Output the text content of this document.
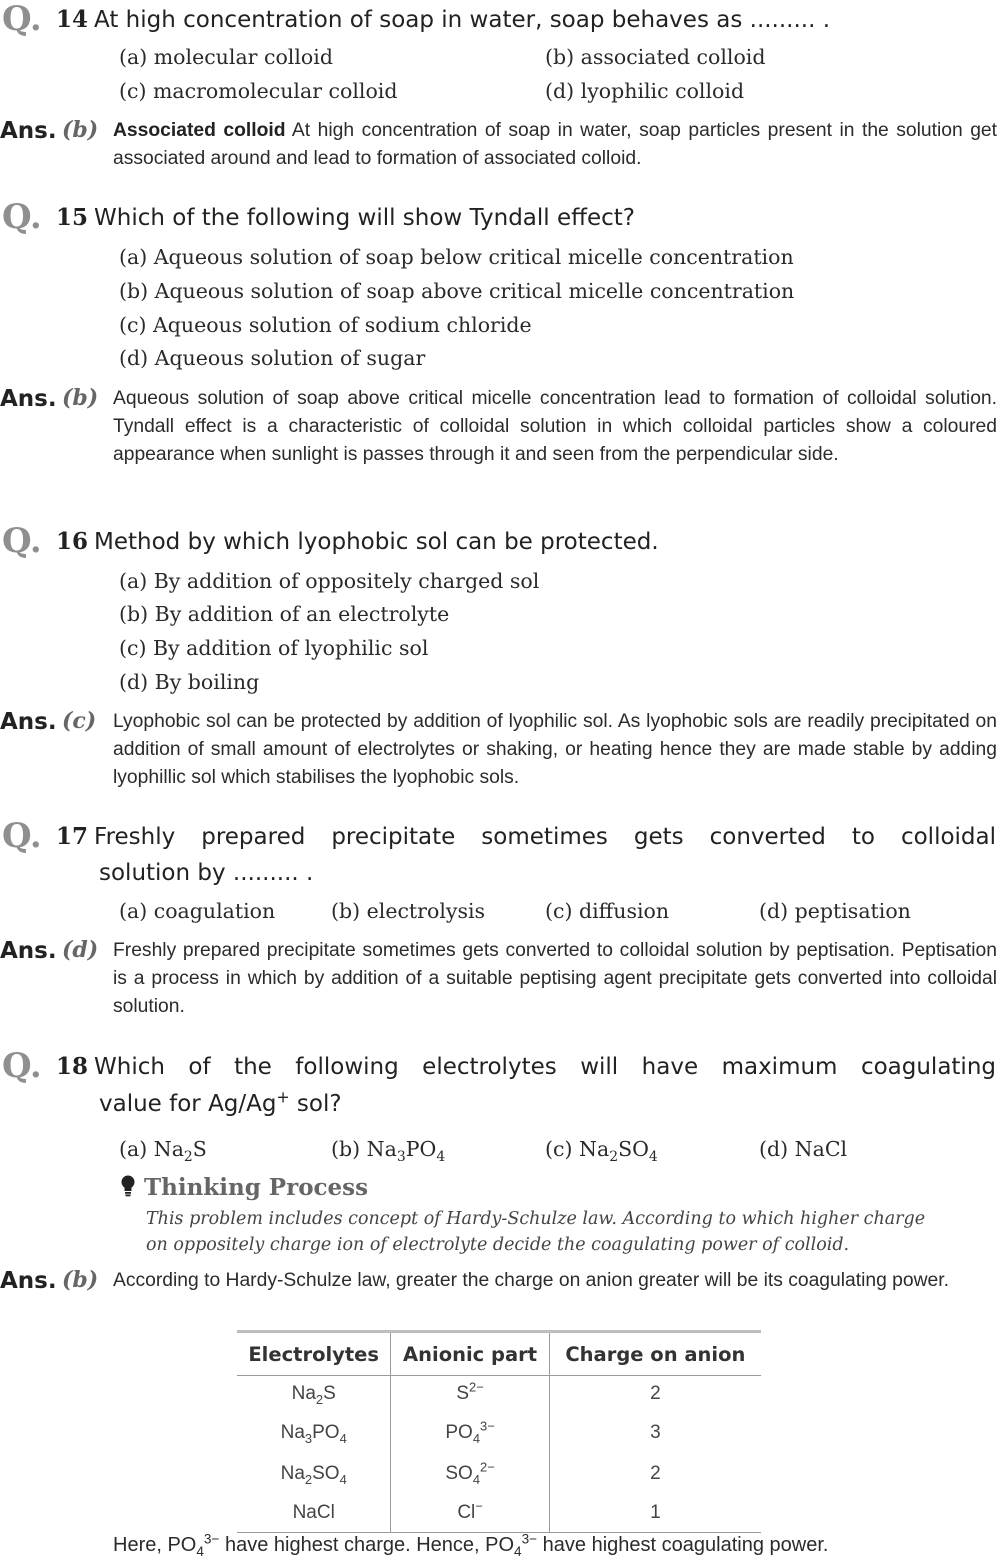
Q. 14 At high concentration of soap in water, soap behaves as ......... .
(a) molecular colloid	(b) associated colloid
(c) macromolecular colloid	(d) lyophilic colloid
Ans. (b) Associated colloid At high concentration of soap in water, soap particles present in the solution get associated around and lead to formation of associated colloid.
Q. 15 Which of the following will show Tyndall effect?
(a) Aqueous solution of soap below critical micelle concentration
(b) Aqueous solution of soap above critical micelle concentration
(c) Aqueous solution of sodium chloride
(d) Aqueous solution of sugar
Ans. (b) Aqueous solution of soap above critical micelle concentration lead to formation of colloidal solution. Tyndall effect is a characteristic of colloidal solution in which colloidal particles show a coloured appearance when sunlight is passes through it and seen from the perpendicular side.
Q. 16 Method by which lyophobic sol can be protected.
(a) By addition of oppositely charged sol
(b) By addition of an electrolyte
(c) By addition of lyophilic sol
(d) By boiling
Ans. (c) Lyophobic sol can be protected by addition of lyophilic sol. As lyophobic sols are readily precipitated on addition of small amount of electrolytes or shaking, or heating hence they are made stable by adding lyophillic sol which stabilises the lyophobic sols.
Q. 17 Freshly prepared precipitate sometimes gets converted to colloidal
solution by ......... .
(a) coagulation	(b) electrolysis	(c) diffusion	(d) peptisation
Ans. (d) Freshly prepared precipitate sometimes gets converted to colloidal solution by peptisation. Peptisation is a process in which by addition of a suitable peptising agent precipitate gets converted into colloidal solution.
Q. 18 Which of the following electrolytes will have maximum coagulating
value for Ag/Ag+ sol?
(a) $Na_2S$	(b) $Na_3PO_4$	(c) $Na_2SO_4$	(d) NaCl
Thinking Process
This problem includes concept of Hardy-Schulze law. According to which higher charge on oppositely charge ion of electrolyte decide the coagulating power of colloid.
Ans. (b) According to Hardy-Schulze law, greater the charge on anion greater will be its coagulating power.
Electrolytes	Anionic part	Charge on anion
$Na_2S$	$S^{2-}$	2
$Na_3PO_4$	$PO_4^{3-}$	3
$Na_2SO_4$	$SO_4^{2-}$	2
NaCl	Cl−	1
Here, $PO_4^{3-}$ have highest charge. Hence, $PO_4^{3-}$ have highest coagulating power.
